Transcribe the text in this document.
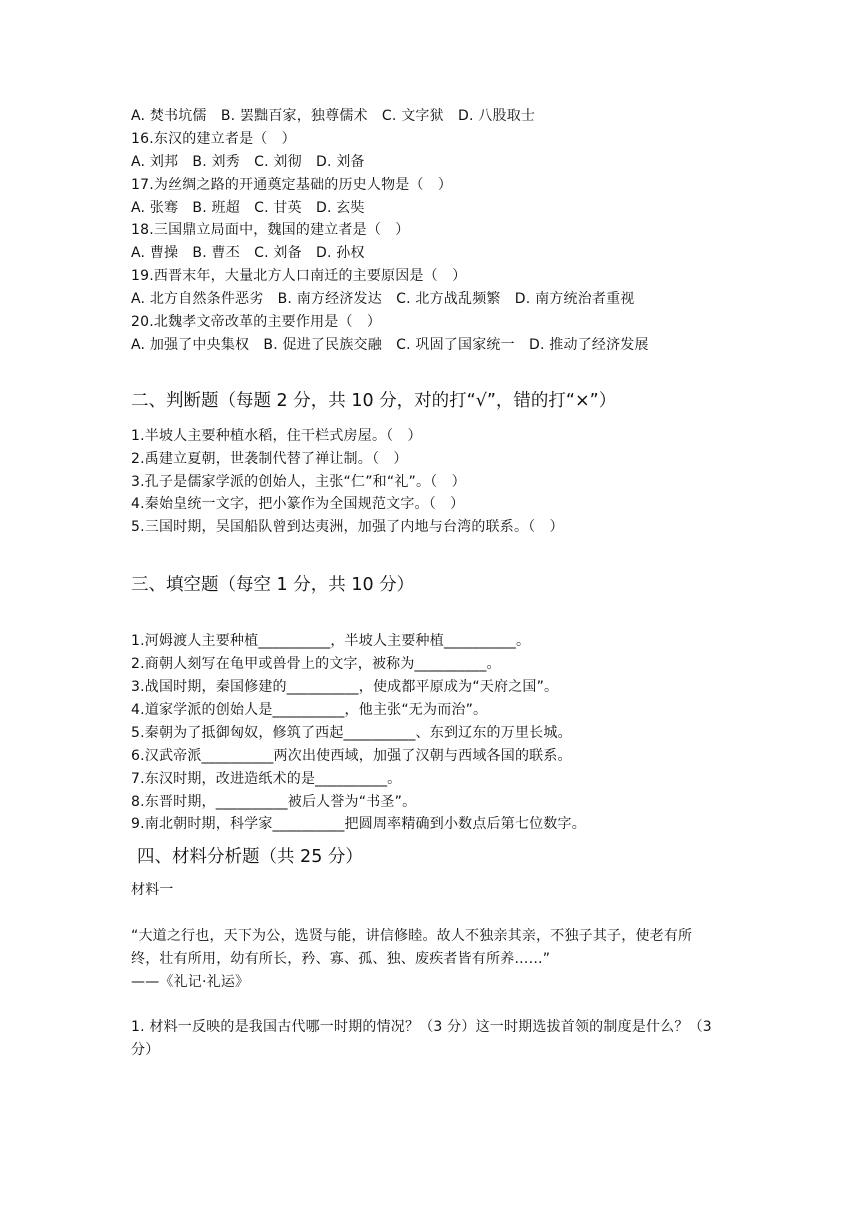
A. 焚书坑儒　B. 罢黜百家，独尊儒术　C. 文字狱　D. 八股取士
16.东汉的建立者是（　）
A. 刘邦　B. 刘秀　C. 刘彻　D. 刘备
17.为丝绸之路的开通奠定基础的历史人物是（　）
A. 张骞　B. 班超　C. 甘英　D. 玄奘
18.三国鼎立局面中，魏国的建立者是（　）
A. 曹操　B. 曹丕　C. 刘备　D. 孙权
19.西晋末年，大量北方人口南迁的主要原因是（　）
A. 北方自然条件恶劣　B. 南方经济发达　C. 北方战乱频繁　D. 南方统治者重视
20.北魏孝文帝改革的主要作用是（　）
A. 加强了中央集权　B. 促进了民族交融　C. 巩固了国家统一　D. 推动了经济发展
二、判断题（每题 2 分，共 10 分，对的打“√”，错的打“×”）
1.半坡人主要种植水稻，住干栏式房屋。（　）
2.禹建立夏朝，世袭制代替了禅让制。（　）
3.孔子是儒家学派的创始人，主张“仁”和“礼”。（　）
4.秦始皇统一文字，把小篆作为全国规范文字。（　）
5.三国时期，吴国船队曾到达夷洲，加强了内地与台湾的联系。（　）
三、填空题（每空 1 分，共 10 分）
1.河姆渡人主要种植__________，半坡人主要种植__________。
2.商朝人刻写在龟甲或兽骨上的文字，被称为__________。
3.战国时期，秦国修建的__________，使成都平原成为“天府之国”。
4.道家学派的创始人是__________，他主张“无为而治”。
5.秦朝为了抵御匈奴，修筑了西起__________、东到辽东的万里长城。
6.汉武帝派__________两次出使西域，加强了汉朝与西域各国的联系。
7.东汉时期，改进造纸术的是__________。
8.东晋时期，__________被后人誉为“书圣”。
9.南北朝时期，科学家__________把圆周率精确到小数点后第七位数字。
四、材料分析题（共 25 分）
材料一
“大道之行也，天下为公，选贤与能，讲信修睦。故人不独亲其亲，不独子其子，使老有所
终，壮有所用，幼有所长，矜、寡、孤、独、废疾者皆有所养……”
——《礼记·礼运》
1. 材料一反映的是我国古代哪一时期的情况？（3 分）这一时期选拔首领的制度是什么？（3
分）
